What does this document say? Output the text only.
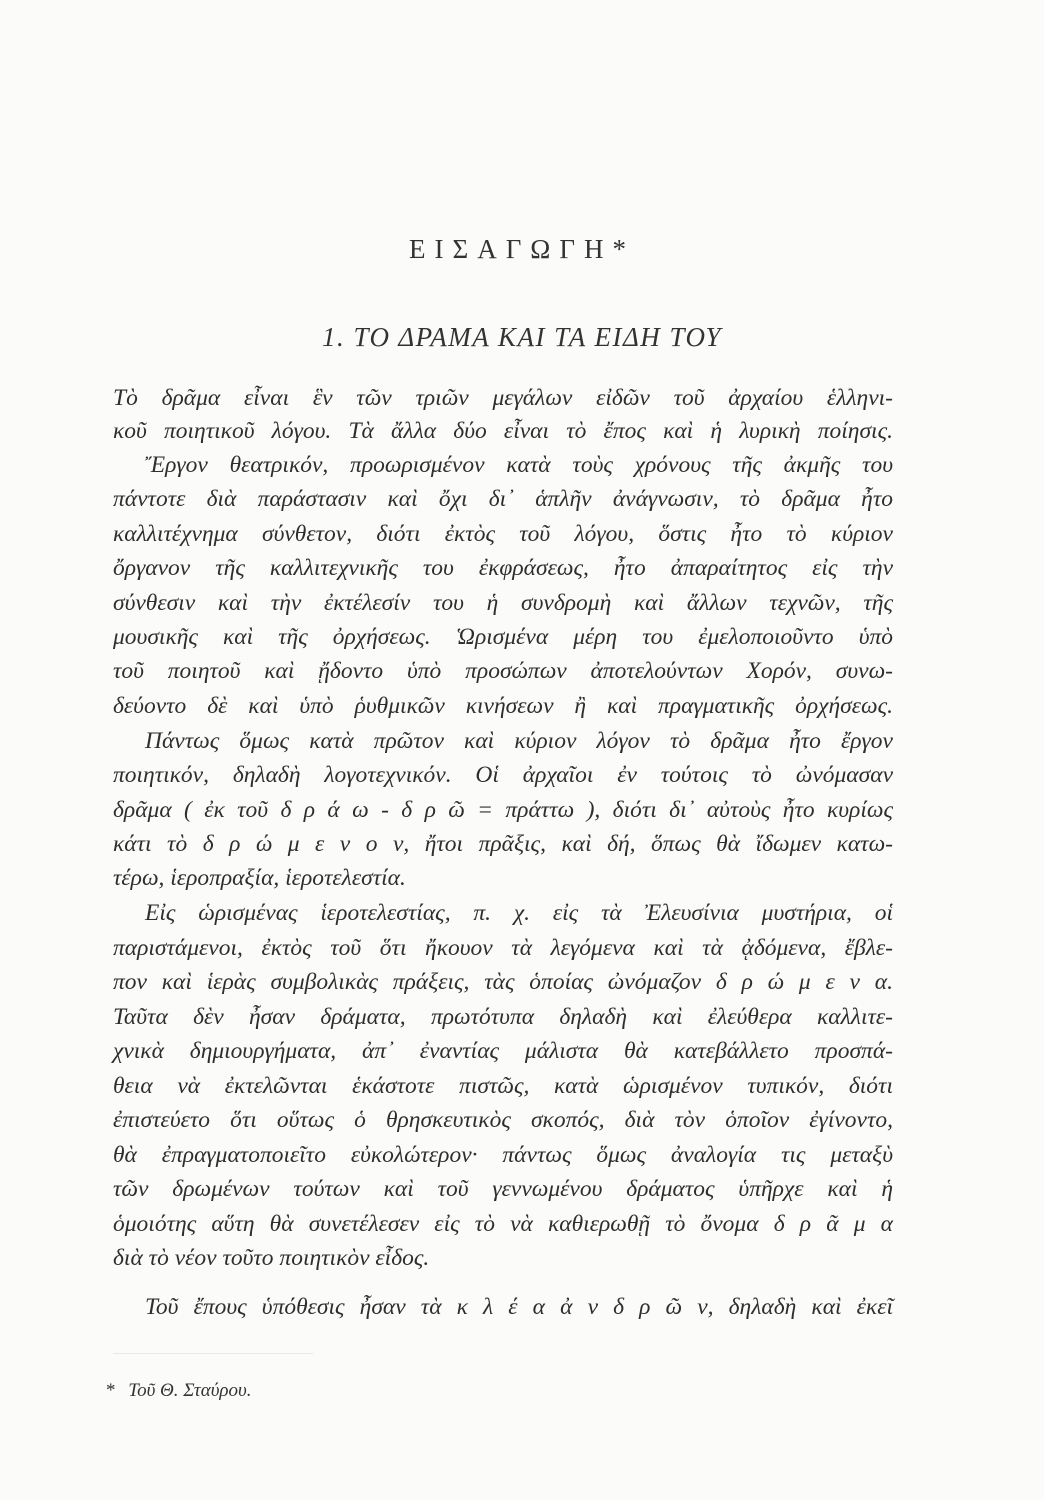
ΕΙΣΑΓΩΓΗ*
1. ΤΟ ΔΡΑΜΑ ΚΑΙ ΤΑ ΕΙΔΗ ΤΟΥ
Τὸ δρᾶμα εἶναι ἓν τῶν τριῶν μεγάλων εἰδῶν τοῦ ἀρχαίου ἑλληνι-
κοῦ ποιητικοῦ λόγου. Τὰ ἄλλα δύο εἶναι τὸ ἔπος καὶ ἡ λυρικὴ ποίησις.
Ἔργον θεατρικόν, προωρισμένον κατὰ τοὺς χρόνους τῆς ἀκμῆς του
πάντοτε διὰ παράστασιν καὶ ὄχι δι᾽ ἁπλῆν ἀνάγνωσιν, τὸ δρᾶμα ἦτο
καλλιτέχνημα σύνθετον, διότι ἐκτὸς τοῦ λόγου, ὅστις ἦτο τὸ κύριον
ὄργανον τῆς καλλιτεχνικῆς του ἐκφράσεως, ἦτο ἀπαραίτητος εἰς τὴν
σύνθεσιν καὶ τὴν ἐκτέλεσίν του ἡ συνδρομὴ καὶ ἄλλων τεχνῶν, τῆς
μουσικῆς καὶ τῆς ὀρχήσεως. Ὡρισμένα μέρη του ἐμελοποιοῦντο ὑπὸ
τοῦ ποιητοῦ καὶ ᾔδοντο ὑπὸ προσώπων ἀποτελούντων Χορόν, συνω-
δεύοντο δὲ καὶ ὑπὸ ῥυθμικῶν κινήσεων ἢ καὶ πραγματικῆς ὀρχήσεως.
Πάντως ὅμως κατὰ πρῶτον καὶ κύριον λόγον τὸ δρᾶμα ἦτο ἔργον
ποιητικόν, δηλαδὴ λογοτεχνικόν. Οἱ ἀρχαῖοι ἐν τούτοις τὸ ὠνόμασαν
δρᾶμα ( ἐκ τοῦ δ ρ ά ω - δ ρ ῶ = πράττω ), διότι δι᾽ αὐτοὺς ἦτο κυρίως
κάτι τὸ δ ρ ώ μ ε ν ο ν, ἤτοι πρᾶξις, καὶ δή, ὅπως θὰ ἴδωμεν κατω-
τέρω, ἱεροπραξία, ἱεροτελεστία.
Εἰς ὡρισμένας ἱεροτελεστίας, π. χ. εἰς τὰ Ἐλευσίνια μυστήρια, οἱ
παριστάμενοι, ἐκτὸς τοῦ ὅτι ἤκουον τὰ λεγόμενα καὶ τὰ ᾀδόμενα, ἔβλε-
πον καὶ ἱερὰς συμβολικὰς πράξεις, τὰς ὁποίας ὠνόμαζον δ ρ ώ μ ε ν α.
Ταῦτα δὲν ἦσαν δράματα, πρωτότυπα δηλαδὴ καὶ ἐλεύθερα καλλιτε-
χνικὰ δημιουργήματα, ἀπ᾽ ἐναντίας μάλιστα θὰ κατεβάλλετο προσπά-
θεια νὰ ἐκτελῶνται ἑκάστοτε πιστῶς, κατὰ ὡρισμένον τυπικόν, διότι
ἐπιστεύετο ὅτι οὕτως ὁ θρησκευτικὸς σκοπός, διὰ τὸν ὁποῖον ἐγίνοντο,
θὰ ἐπραγματοποιεῖτο εὐκολώτερον· πάντως ὅμως ἀναλογία τις μεταξὺ
τῶν δρωμένων τούτων καὶ τοῦ γεννωμένου δράματος ὑπῆρχε καὶ ἡ
ὁμοιότης αὕτη θὰ συνετέλεσεν εἰς τὸ νὰ καθιερωθῇ τὸ ὄνομα δ ρ ᾶ μ α
διὰ τὸ νέον τοῦτο ποιητικὸν εἶδος.
Τοῦ ἔπους ὑπόθεσις ἦσαν τὰ κ λ έ α ἀ ν δ ρ ῶ ν, δηλαδὴ καὶ ἐκεῖ
* Τοῦ Θ. Σταύρου.
